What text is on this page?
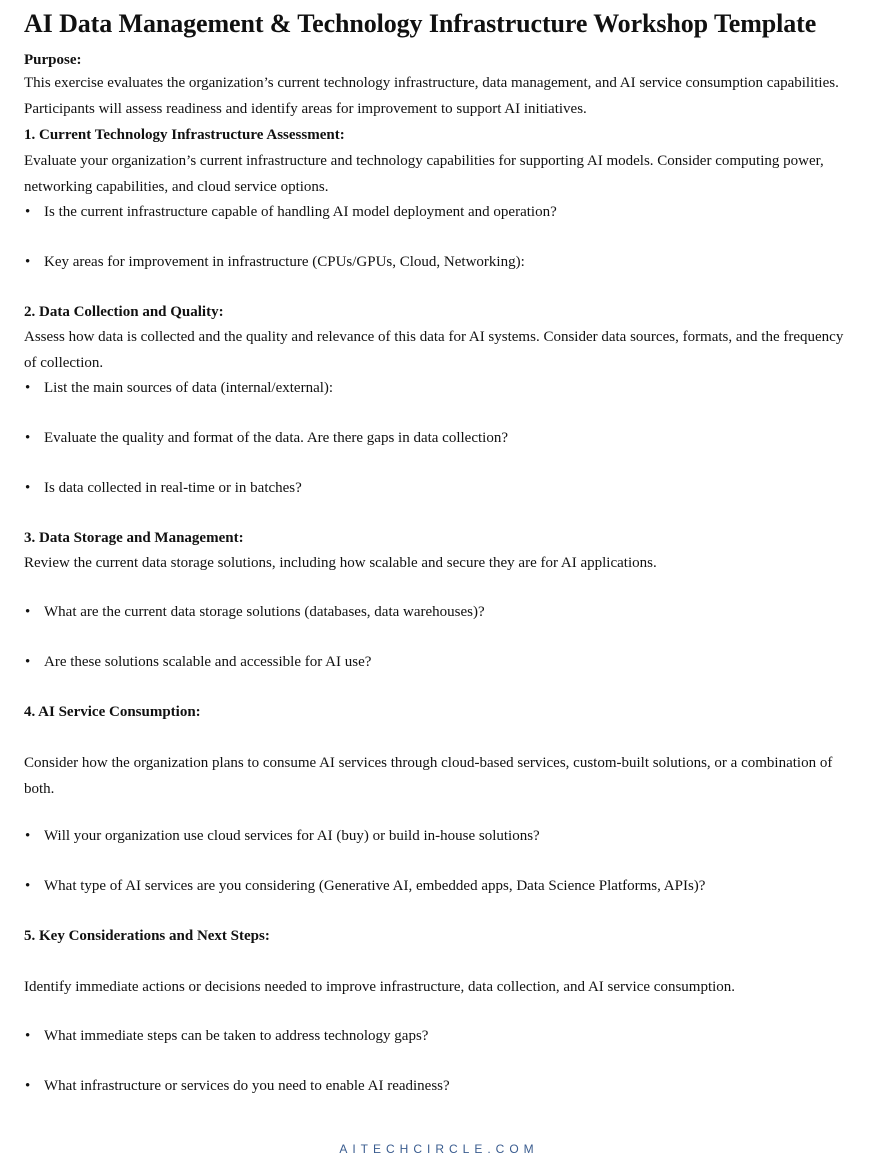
AI Data Management & Technology Infrastructure Workshop Template
Purpose:

This exercise evaluates the organization’s current technology infrastructure, data management, and AI service consumption capabilities. Participants will assess readiness and identify areas for improvement to support AI initiatives.

1. Current Technology Infrastructure Assessment:

Evaluate your organization’s current infrastructure and technology capabilities for supporting AI models. Consider computing power, networking capabilities, and cloud service options.

• Is the current infrastructure capable of handling AI model deployment and operation?

• Key areas for improvement in infrastructure (CPUs/GPUs, Cloud, Networking):

2. Data Collection and Quality:

Assess how data is collected and the quality and relevance of this data for AI systems. Consider data sources, formats, and the frequency of collection.

• List the main sources of data (internal/external):

• Evaluate the quality and format of the data. Are there gaps in data collection?

• Is data collected in real-time or in batches?

3. Data Storage and Management:

Review the current data storage solutions, including how scalable and secure they are for AI applications.

• What are the current data storage solutions (databases, data warehouses)?

• Are these solutions scalable and accessible for AI use?

4. AI Service Consumption:

Consider how the organization plans to consume AI services through cloud-based services, custom-built solutions, or a combination of both.

• Will your organization use cloud services for AI (buy) or build in-house solutions?

• What type of AI services are you considering (Generative AI, embedded apps, Data Science Platforms, APIs)?

5. Key Considerations and Next Steps:

Identify immediate actions or decisions needed to improve infrastructure, data collection, and AI service consumption.

• What immediate steps can be taken to address technology gaps?

• What infrastructure or services do you need to enable AI readiness?

AITECHCIRCLE.COM
